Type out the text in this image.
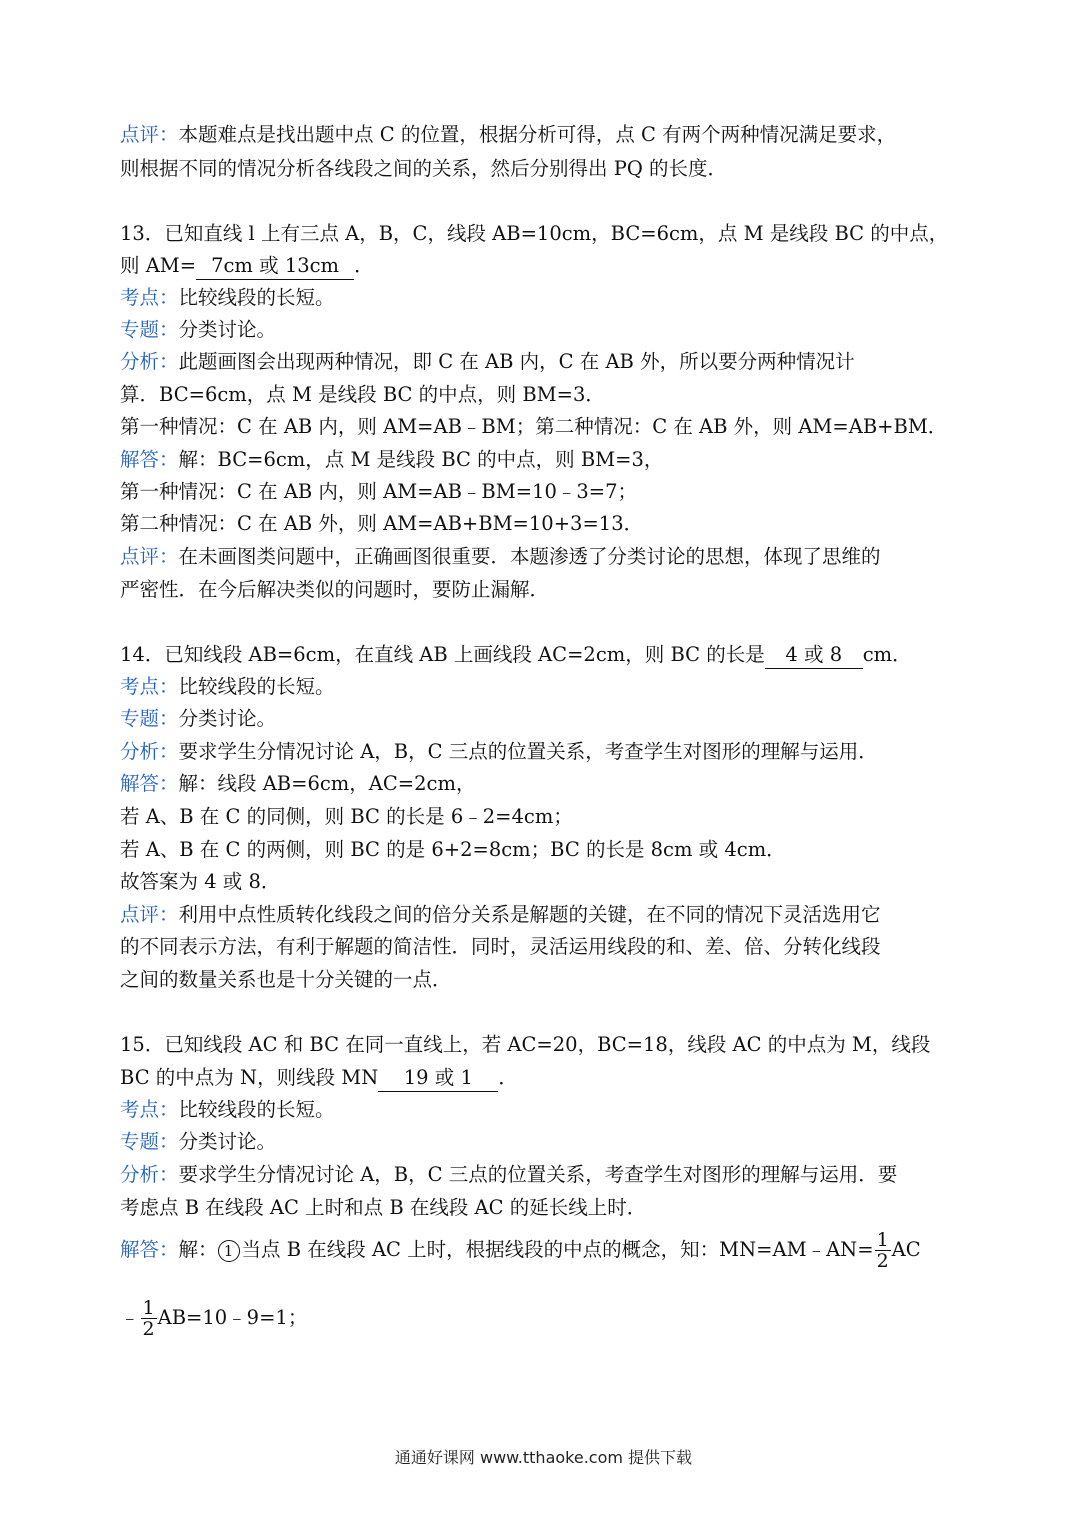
点评：本题难点是找出题中点 C 的位置，根据分析可得，点 C 有两个两种情况满足要求，
则根据不同的情况分析各线段之间的关系，然后分别得出 PQ 的长度．
13．已知直线 l 上有三点 A，B，C，线段 AB=10cm，BC=6cm，点 M 是线段 BC 的中点，
则 AM= 7cm 或 13cm ．
考点：比较线段的长短。
专题：分类讨论。
分析：此题画图会出现两种情况，即 C 在 AB 内，C 在 AB 外，所以要分两种情况计
算．BC=6cm，点 M 是线段 BC 的中点，则 BM=3．
第一种情况：C 在 AB 内，则 AM=AB﹣BM；第二种情况：C 在 AB 外，则 AM=AB+BM．
解答：解：BC=6cm，点 M 是线段 BC 的中点，则 BM=3，
第一种情况：C 在 AB 内，则 AM=AB﹣BM=10﹣3=7；
第二种情况：C 在 AB 外，则 AM=AB+BM=10+3=13．
点评：在未画图类问题中，正确画图很重要．本题渗透了分类讨论的思想，体现了思维的
严密性．在今后解决类似的问题时，要防止漏解．
14．已知线段 AB=6cm，在直线 AB 上画线段 AC=2cm，则 BC 的长是 4 或 8 cm．
考点：比较线段的长短。
专题：分类讨论。
分析：要求学生分情况讨论 A，B，C 三点的位置关系，考查学生对图形的理解与运用．
解答：解：线段 AB=6cm，AC=2cm，
若 A、B 在 C 的同侧，则 BC 的长是 6﹣2=4cm；
若 A、B 在 C 的两侧，则 BC 的是 6+2=8cm；BC 的长是 8cm 或 4cm．
故答案为 4 或 8．
点评：利用中点性质转化线段之间的倍分关系是解题的关键，在不同的情况下灵活选用它
的不同表示方法，有利于解题的简洁性．同时，灵活运用线段的和、差、倍、分转化线段
之间的数量关系也是十分关键的一点．
15．已知线段 AC 和 BC 在同一直线上，若 AC=20，BC=18，线段 AC 的中点为 M，线段
BC 的中点为 N，则线段 MN 19 或 1 ．
考点：比较线段的长短。
专题：分类讨论。
分析：要求学生分情况讨论 A，B，C 三点的位置关系，考查学生对图形的理解与运用．要
考虑点 B 在线段 AC 上时和点 B 在线段 AC 的延长线上时．
解答：解： 1 当点 B 在线段 AC 上时，根据线段的中点的概念，知：MN=AM﹣AN= $\frac{1}{2}$ AC
﹣ $\frac{1}{2}$ AB=10﹣9=1；
通通好课网 www.tthaoke.com 提供下载
